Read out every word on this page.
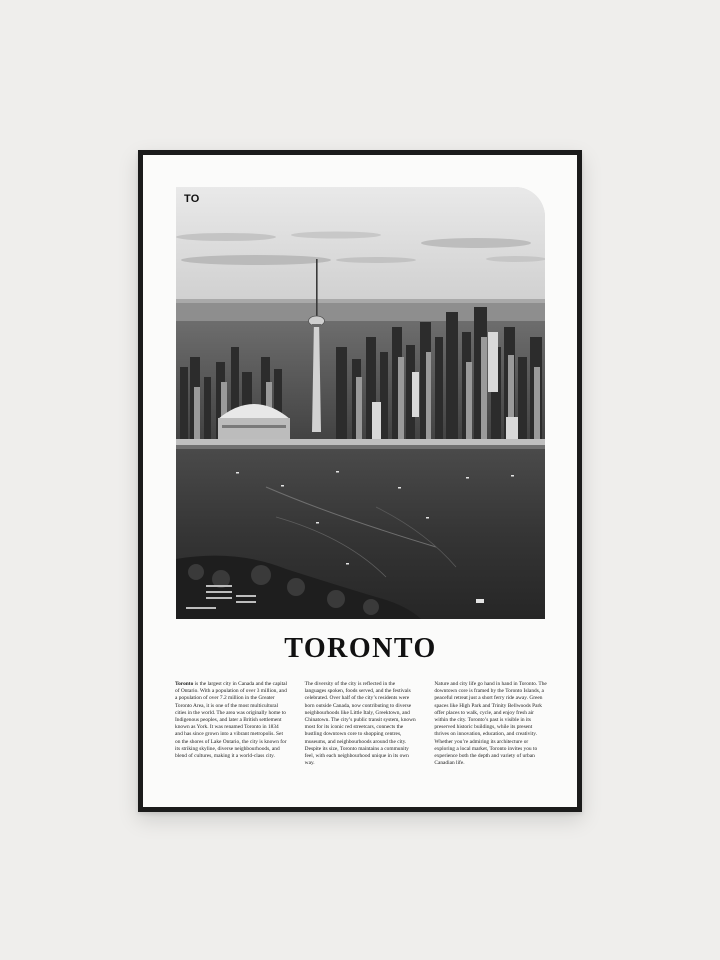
TO
TORONTO
Toronto is the largest city in Canada and the capital of Ontario. With a population of over 3 million, and a population of over 7.2 million in the Greater Toronto Area, it is one of the most multicultural cities in the world. The area was originally home to Indigenous peoples, and later a British settlement known as York. It was renamed Toronto in 1834 and has since grown into a vibrant metropolis. Set on the shores of Lake Ontario, the city is known for its striking skyline, diverse neighbourhoods, and blend of cultures, making it a world-class city.
The diversity of the city is reflected in the languages spoken, foods served, and the festivals celebrated. Over half of the city’s residents were born outside Canada, now contributing to diverse neighbourhoods like Little Italy, Greektown, and Chinatown. The city’s public transit system, known most for its iconic red streetcars, connects the bustling downtown core to shopping centres, museums, and neighbourhoods around the city. Despite its size, Toronto maintains a community feel, with each neighbourhood unique in its own way.
Nature and city life go hand in hand in Toronto. The downtown core is framed by the Toronto Islands, a peaceful retreat just a short ferry ride away. Green spaces like High Park and Trinity Bellwoods Park offer places to walk, cycle, and enjoy fresh air within the city. Toronto’s past is visible in its preserved historic buildings, while its present thrives on innovation, education, and creativity. Whether you’re admiring its architecture or exploring a local market, Toronto invites you to experience both the depth and variety of urban Canadian life.
